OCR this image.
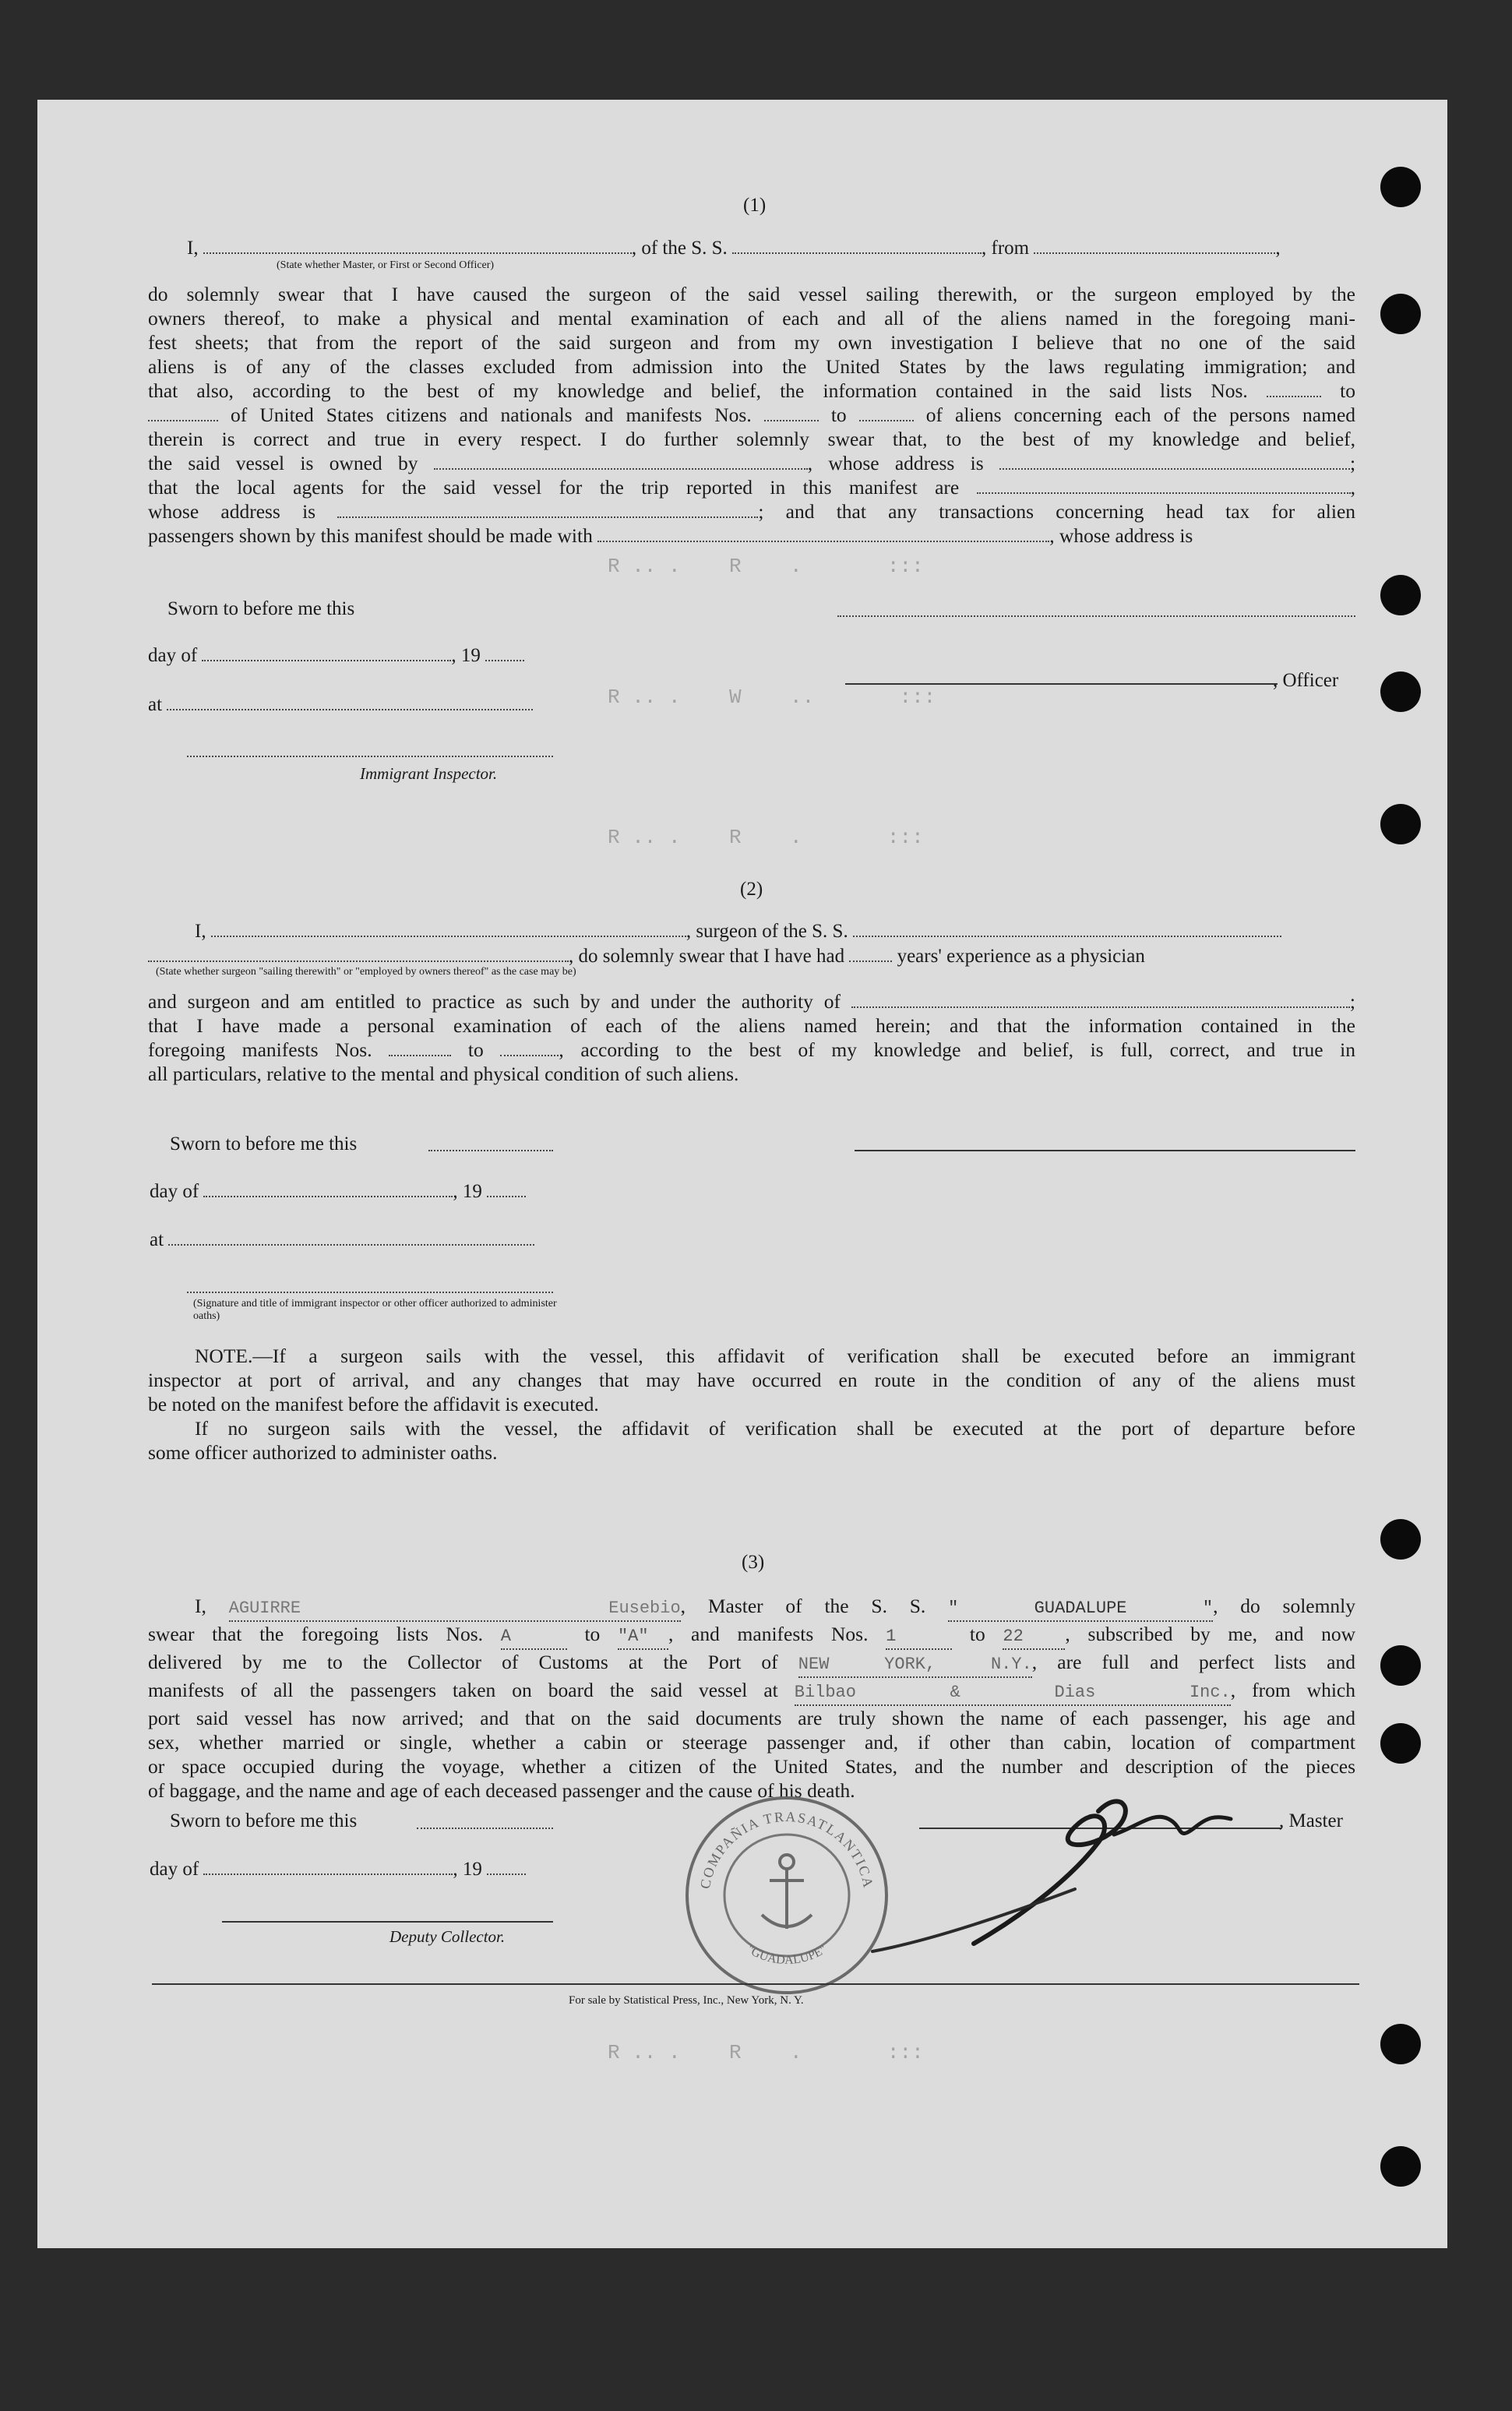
R .. .    R    .       :::
R .. .    W    ..       :::
R .. .    R    .       :::
R .. .    R    .       :::
(1)
I,	, of the S. S.	, from	,
(State whether Master, or First or Second Officer)
do solemnly swear that I have caused the surgeon of the said vessel sailing therewith, or the surgeon employed by the
owners thereof, to make a physical and mental examination of each and all of the aliens named in the foregoing mani-
fest sheets; that from the report of the said surgeon and from my own investigation I believe that no one of the said
aliens is of any of the classes excluded from admission into the United States by the laws regulating immigration; and
that also, according to the best of my knowledge and belief, the information contained in the said lists Nos.	to
of United States citizens and nationals and manifests Nos.	to	of aliens concerning each of the persons named
therein is correct and true in every respect. I do further solemnly swear that, to the best of my knowledge and belief,
the said vessel is owned by	, whose address is	;
that the local agents for the said vessel for the trip reported in this manifest are	,
whose address is	; and that any transactions concerning head tax for alien
passengers shown by this manifest should be made with	, whose address is
Sworn to before me this
day of	, 19
at
Immigrant Inspector.
, Officer
(2)
I,	, surgeon of the S. S.
, do solemnly swear that I have had	years' experience as a physician
(State whether surgeon "sailing therewith" or "employed by owners thereof" as the case may be)
and surgeon and am entitled to practice as such by and under the authority of	;
that I have made a personal examination of each of the aliens named herein; and that the information contained in the
foregoing manifests Nos.	to	, according to the best of my knowledge and belief, is full, correct, and true in
all particulars, relative to the mental and physical condition of such aliens.
Sworn to before me this
day of	, 19
at
(Signature and title of immigrant inspector or other officer authorized to administer oaths)
NOTE.—If a surgeon sails with the vessel, this affidavit of verification shall be executed before an immigrant
inspector at port of arrival, and any changes that may have occurred en route in the condition of any of the aliens must
be noted on the manifest before the affidavit is executed.
If no surgeon sails with the vessel, the affidavit of verification shall be executed at the port of departure before
some officer authorized to administer oaths.
(3)
I, AGUIRRE Eusebio, Master of the S. S. " GUADALUPE ", do solemnly
swear that the foregoing lists Nos. A	to "A" , and manifests Nos. 1	to 22 , subscribed by me, and now
delivered by me to the Collector of Customs at the Port of NEW YORK, N.Y., are full and perfect lists and
manifests of all the passengers taken on board the said vessel at Bilbao & Dias Inc., from which
port said vessel has now arrived; and that on the said documents are truly shown the name of each passenger, his age and
sex, whether married or single, whether a cabin or steerage passenger and, if other than cabin, location of compartment
or space occupied during the voyage, whether a citizen of the United States, and the number and description of the pieces
of baggage, and the name and age of each deceased passenger and the cause of his death.
Sworn to before me this	, Master
day of	, 19
Deputy Collector.
COMPAÑIA TRASATLANTICA
"GUADALUPE"
For sale by Statistical Press, Inc., New York, N. Y.
